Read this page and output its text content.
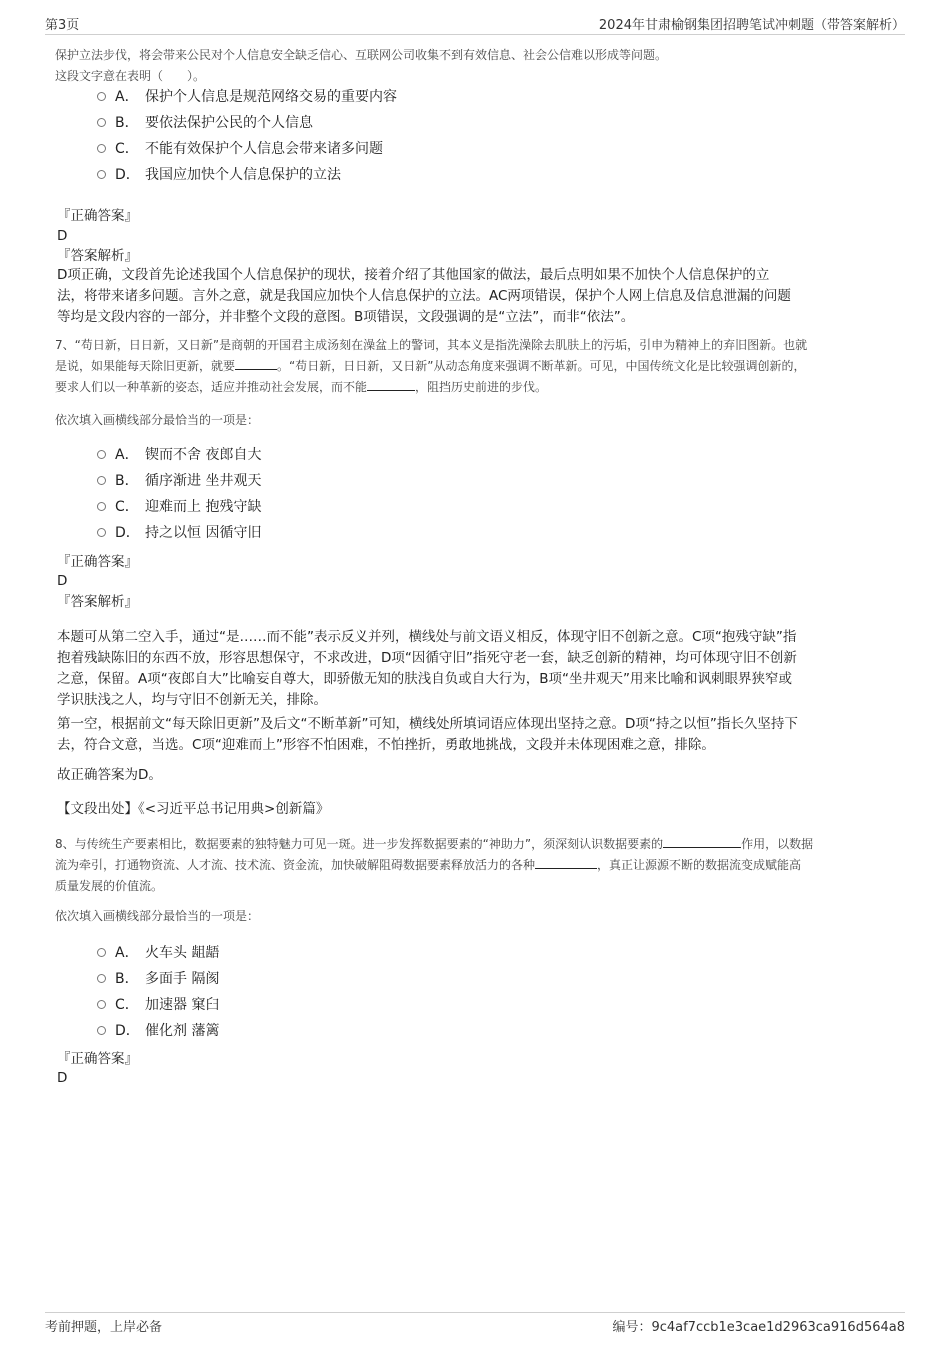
第3页	2024年甘肃榆钢集团招聘笔试冲刺题（带答案解析）

保护立法步伐，将会带来公民对个人信息安全缺乏信心、互联网公司收集不到有效信息、社会公信难以形成等问题。

这段文字意在表明（　　）。

A． 保护个人信息是规范网络交易的重要内容
B． 要依法保护公民的个人信息
C． 不能有效保护个人信息会带来诸多问题
D． 我国应加快个人信息保护的立法
『正确答案』
D
『答案解析』

D项正确，文段首先论述我国个人信息保护的现状，接着介绍了其他国家的做法，最后点明如果不加快个人信息保护的立

法，将带来诸多问题。言外之意，就是我国应加快个人信息保护的立法。AC两项错误，保护个人网上信息及信息泄漏的问题

等均是文段内容的一部分，并非整个文段的意图。B项错误，文段强调的是“立法”，而非“依法”。

7、“苟日新，日日新，又日新”是商朝的开国君主成汤刻在澡盆上的警词，其本义是指洗澡除去肌肤上的污垢，引申为精神上的弃旧图新。也就

是说，如果能每天除旧更新，就要	。“苟日新，日日新，又日新”从动态角度来强调不断革新。可见，中国传统文化是比较强调创新的，

要求人们以一种革新的姿态，适应并推动社会发展，而不能	，阻挡历史前进的步伐。

依次填入画横线部分最恰当的一项是：
A． 锲而不舍 夜郎自大
B． 循序渐进 坐井观天
C． 迎难而上 抱残守缺
D． 持之以恒 因循守旧
『正确答案』
D
『答案解析』

本题可从第二空入手，通过“是……而不能”表示反义并列，横线处与前文语义相反，体现守旧不创新之意。C项“抱残守缺”指

抱着残缺陈旧的东西不放，形容思想保守，不求改进，D项“因循守旧”指死守老一套，缺乏创新的精神，均可体现守旧不创新

之意，保留。A项“夜郎自大”比喻妄自尊大，即骄傲无知的肤浅自负或自大行为，B项“坐井观天”用来比喻和讽刺眼界狭窄或

学识肤浅之人，均与守旧不创新无关，排除。

第一空，根据前文“每天除旧更新”及后文“不断革新”可知，横线处所填词语应体现出坚持之意。D项“持之以恒”指长久坚持下

去，符合文意，当选。C项“迎难而上”形容不怕困难，不怕挫折，勇敢地挑战，文段并未体现困难之意，排除。

故正确答案为D。
【文段出处】《<习近平总书记用典>创新篇》

8、与传统生产要素相比，数据要素的独特魅力可见一斑。进一步发挥数据要素的“神助力”，须深刻认识数据要素的	作用，以数据

流为牵引，打通物资流、人才流、技术流、资金流，加快破解阻碍数据要素释放活力的各种	，真正让源源不断的数据流变成赋能高

质量发展的价值流。

依次填入画横线部分最恰当的一项是：
A． 火车头 龃龉
B． 多面手 隔阂
C． 加速器 窠臼
D． 催化剂 藩篱
『正确答案』
D
考前押题，上岸必备	编号：9c4af7ccb1e3cae1d2963ca916d564a8
